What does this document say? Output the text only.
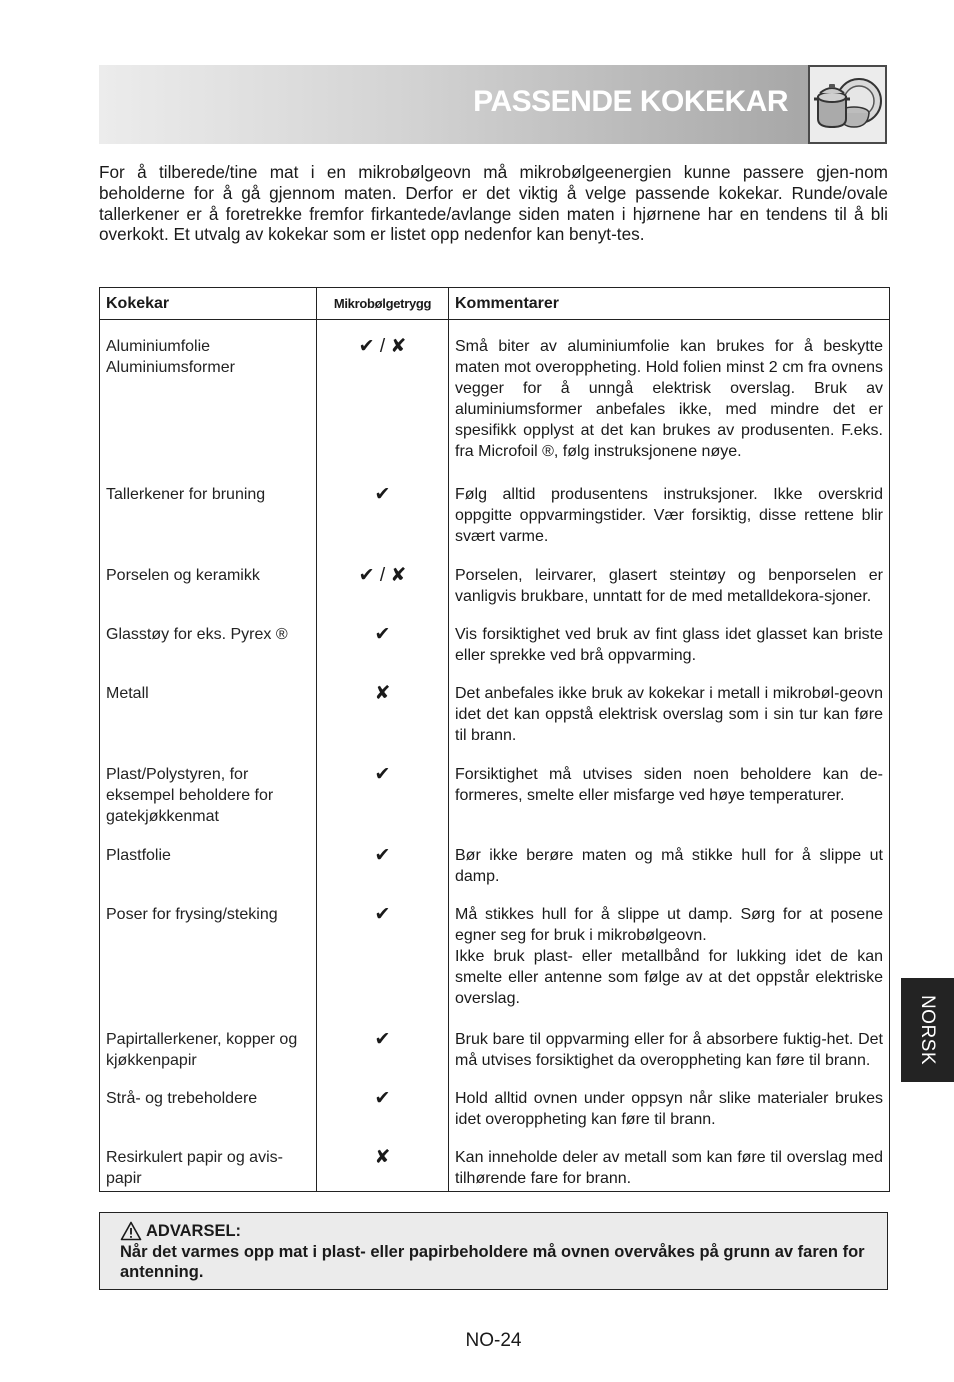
PASSENDE KOKEKAR

For å tilberede/tine mat i en mikrobølgeovn må mikrobølgeenergien kunne passere gjen-nom beholderne for å gå gjennom maten. Derfor er det viktig å velge passende kokekar. Runde/ovale tallerkener er å foretrekke fremfor firkantede/avlange siden maten i hjørnene har en tendens til å bli overkokt. Et utvalg av kokekar som er listet opp nedenfor kan benyt-tes.

Kokekar	Mikrobølgetrygg	Kommentarer
Aluminiumfolie
Aluminiumsformer	✔ / ✘	Små biter av aluminiumfolie kan brukes for å beskytte maten mot overoppheting. Hold folien minst 2 cm fra ovnens vegger for å unngå elektrisk overslag. Bruk av aluminiumsformer anbefales ikke, med mindre det er spesifikk opplyst at det kan brukes av produsenten. F.eks. fra Microfoil ®, følg instruksjonene nøye.
Tallerkener for bruning	✔	Følg alltid produsentens instruksjoner. Ikke overskrid oppgitte oppvarmingstider. Vær forsiktig, disse rettene blir svært varme.
Porselen og keramikk	✔ / ✘	Porselen, leirvarer, glasert steintøy og benporselen er vanligvis brukbare, unntatt for de med metalldekora-sjoner.
Glasstøy for eks. Pyrex ®	✔	Vis forsiktighet ved bruk av fint glass idet glasset kan briste eller sprekke ved brå oppvarming.
Metall	✘	Det anbefales ikke bruk av kokekar i metall i mikrobøl-geovn idet det kan oppstå elektrisk overslag som i sin tur kan føre til brann.
Plast/Polystyren, for eksempel beholdere for gatekjøkkenmat	✔	Forsiktighet må utvises siden noen beholdere kan de-formeres, smelte eller misfarge ved høye temperaturer.
Plastfolie	✔	Bør ikke berøre maten og må stikke hull for å slippe ut damp.
Poser for frysing/steking	✔	Må stikkes hull for å slippe ut damp. Sørg for at posene egner seg for bruk i mikrobølgeovn.
Ikke bruk plast- eller metallbånd for lukking idet de kan smelte eller antenne som følge av at det oppstår elektriske overslag.
Papirtallerkener, kopper og kjøkkenpapir	✔	Bruk bare til oppvarming eller for å absorbere fuktig-het. Det må utvises forsiktighet da overoppheting kan føre til brann.
Strå- og trebeholdere	✔	Hold alltid ovnen under oppsyn når slike materialer brukes idet overoppheting kan føre til brann.
Resirkulert papir og avis-papir	✘	Kan inneholde deler av metall som kan føre til overslag med tilhørende fare for brann.
ADVARSEL:
Når det varmes opp mat i plast- eller papirbeholdere må ovnen overvåkes på grunn av faren for antenning.
NORSK
NO-24
